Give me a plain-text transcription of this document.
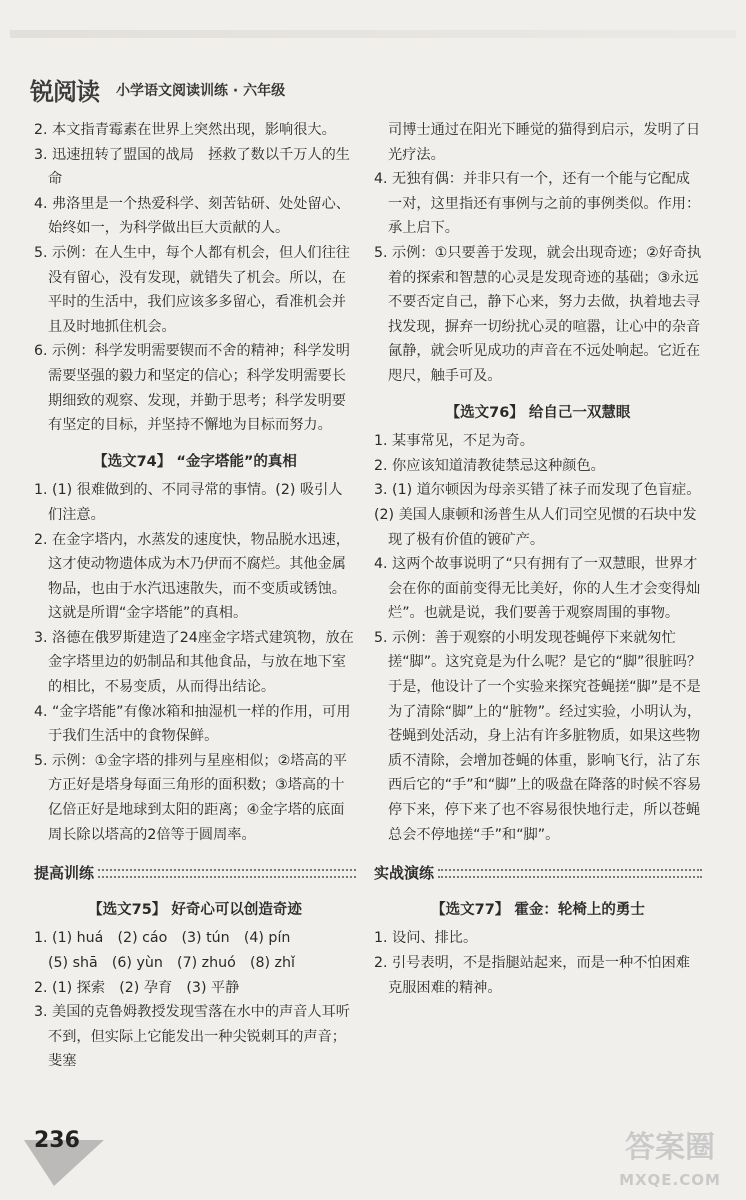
锐阅读 小学语文阅读训练 · 六年级

2. 本文指青霉素在世界上突然出现，影响很大。

3. 迅速扭转了盟国的战局　拯救了数以千万人的生命

4. 弗洛里是一个热爱科学、刻苦钻研、处处留心、始终如一，为科学做出巨大贡献的人。

5. 示例：在人生中，每个人都有机会，但人们往往没有留心，没有发现，就错失了机会。所以，在平时的生活中，我们应该多多留心，看准机会并且及时地抓住机会。

6. 示例：科学发明需要锲而不舍的精神；科学发明需要坚强的毅力和坚定的信心；科学发明需要长期细致的观察、发现，并勤于思考；科学发明要有坚定的目标，并坚持不懈地为目标而努力。

【选文74】 “金字塔能”的真相

1. (1) 很难做到的、不同寻常的事情。(2) 吸引人们注意。

2. 在金字塔内，水蒸发的速度快，物品脱水迅速，这才使动物遗体成为木乃伊而不腐烂。其他金属物品，也由于水汽迅速散失，而不变质或锈蚀。这就是所谓“金字塔能”的真相。

3. 洛德在俄罗斯建造了24座金字塔式建筑物，放在金字塔里边的奶制品和其他食品，与放在地下室的相比，不易变质，从而得出结论。

4. “金字塔能”有像冰箱和抽湿机一样的作用，可用于我们生活中的食物保鲜。

5. 示例：①金字塔的排列与星座相似；②塔高的平方正好是塔身每面三角形的面积数；③塔高的十亿倍正好是地球到太阳的距离；④金字塔的底面周长除以塔高的2倍等于圆周率。

提高训练
【选文75】 好奇心可以创造奇迹

1. (1) huá　(2) cáo　(3) tún　(4) pín

(5) shā　(6) yùn　(7) zhuó　(8) zhǐ

2. (1) 探索　(2) 孕育　(3) 平静

3. 美国的克鲁姆教授发现雪落在水中的声音人耳听不到，但实际上它能发出一种尖锐刺耳的声音；斐塞

司博士通过在阳光下睡觉的猫得到启示，发明了日光疗法。

4. 无独有偶：并非只有一个，还有一个能与它配成一对，这里指还有事例与之前的事例类似。作用：承上启下。

5. 示例：①只要善于发现，就会出现奇迹；②好奇执着的探索和智慧的心灵是发现奇迹的基础；③永远不要否定自己，静下心来，努力去做，执着地去寻找发现，摒弃一切纷扰心灵的喧嚣，让心中的杂音氤静，就会听见成功的声音在不远处响起。它近在咫尺，触手可及。

【选文76】 给自己一双慧眼

1. 某事常见，不足为奇。

2. 你应该知道清教徒禁忌这种颜色。

3. (1) 道尔顿因为母亲买错了袜子而发现了色盲症。

(2) 美国人康顿和汤普生从人们司空见惯的石块中发现了极有价值的镀矿产。

4. 这两个故事说明了“只有拥有了一双慧眼，世界才会在你的面前变得无比美好，你的人生才会变得灿烂”。也就是说，我们要善于观察周围的事物。

5. 示例：善于观察的小明发现苍蝇停下来就匆忙搓“脚”。这究竟是为什么呢？是它的“脚”很脏吗？于是，他设计了一个实验来探究苍蝇搓“脚”是不是为了清除“脚”上的“脏物”。经过实验，小明认为，苍蝇到处活动，身上沾有许多脏物质，如果这些物质不清除，会增加苍蝇的体重，影响飞行，沾了东西后它的“手”和“脚”上的吸盘在降落的时候不容易停下来，停下来了也不容易很快地行走，所以苍蝇总会不停地搓“手”和“脚”。

实战演练
【选文77】 霍金：轮椅上的勇士

1. 设问、排比。

2. 引号表明，不是指腿站起来，而是一种不怕困难克服困难的精神。

236	答案圈
MXQE.COM
